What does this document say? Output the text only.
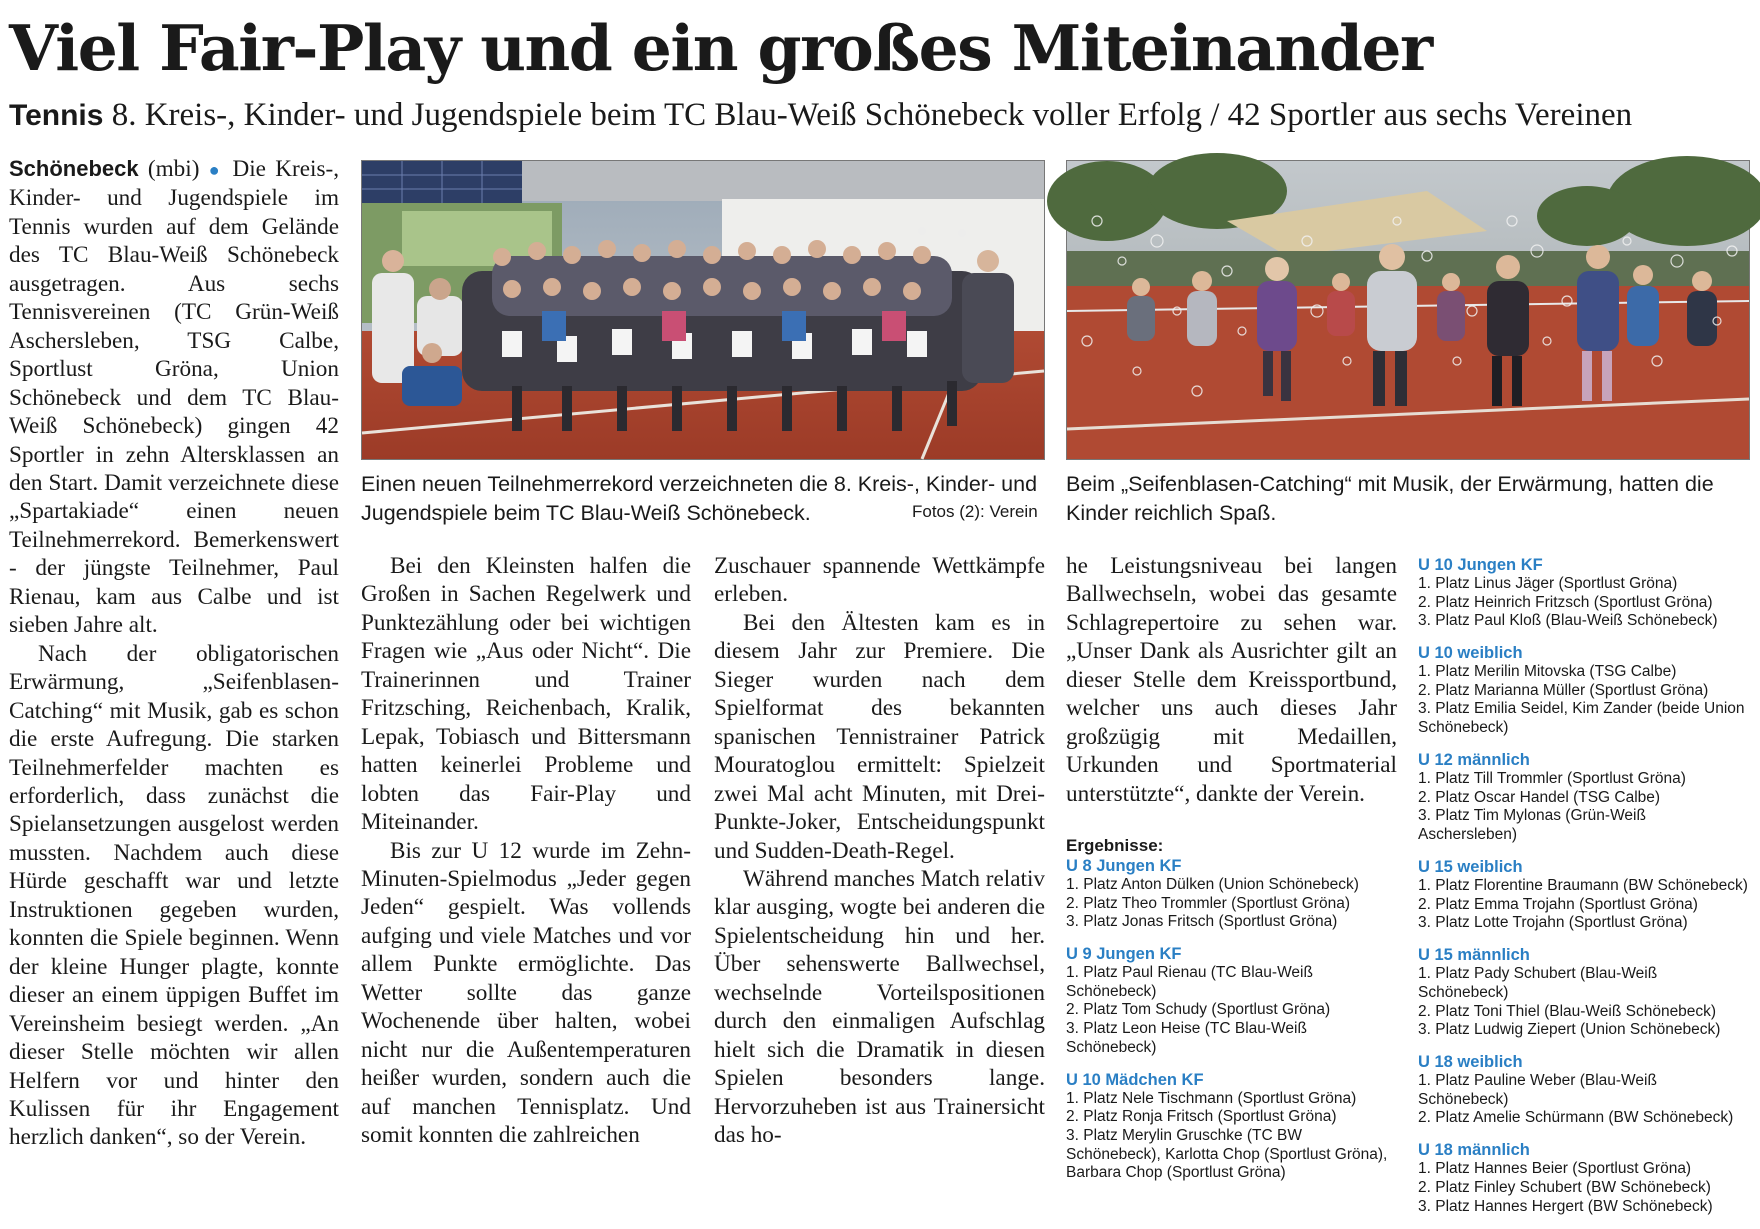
Viel Fair-Play und ein großes Miteinander
Tennis 8. Kreis-, Kinder- und Jugendspiele beim TC Blau-Weiß Schönebeck voller Erfolg / 42 Sportler aus sechs Vereinen

Schönebeck (mbi) ● Die Kreis-, Kinder- und Jugendspiele im Tennis wurden auf dem Gelände des TC Blau-Weiß Schönebeck ausgetragen. Aus sechs Tennisvereinen (TC Grün-Weiß Aschersleben, TSG Calbe, Sportlust Gröna, Union Schönebeck und dem TC Blau-Weiß Schönebeck) gingen 42 Sportler in zehn Altersklassen an den Start. Damit verzeichnete diese „Spartakiade“ einen neuen Teilnehmerrekord. Bemerkenswert - der jüngste Teilnehmer, Paul Rienau, kam aus Calbe und ist sieben Jahre alt.

Nach der obligatorischen Erwärmung, „Seifenblasen-Catching“ mit Musik, gab es schon die erste Aufregung. Die starken Teilnehmerfelder machten es erforderlich, dass zunächst die Spielansetzungen ausgelost werden mussten. Nachdem auch diese Hürde geschafft war und letzte Instruktionen gegeben wurden, konnten die Spiele beginnen. Wenn der kleine Hunger plagte, konnte dieser an einem üppigen Buffet im Vereinsheim besiegt werden. „An dieser Stelle möchten wir allen Helfern vor und hinter den Kulissen für ihr Engagement herzlich danken“, so der Verein.

Einen neuen Teilnehmerrekord verzeichneten die 8. Kreis-, Kinder- und Jugendspiele beim TC Blau-Weiß Schönebeck.	Fotos (2): Verein
Beim „Seifenblasen-Catching“ mit Musik, der Erwärmung, hatten die Kinder reichlich Spaß.

Bei den Kleinsten halfen die Großen in Sachen Regelwerk und Punktezählung oder bei wichtigen Fragen wie „Aus oder Nicht“. Die Trainerinnen und Trainer Fritzsching, Reichenbach, Kralik, Lepak, Tobiasch und Bittersmann hatten keinerlei Probleme und lobten das Fair-Play und Miteinander.

Bis zur U 12 wurde im Zehn-Minuten-Spielmodus „Jeder gegen Jeden“ gespielt. Was vollends aufging und viele Matches und vor allem Punkte ermöglichte. Das Wetter sollte das ganze Wochenende über halten, wobei nicht nur die Außentemperaturen heißer wurden, sondern auch die auf manchen Tennisplatz. Und somit konnten die zahlreichen

Zuschauer spannende Wettkämpfe erleben.

Bei den Ältesten kam es in diesem Jahr zur Premiere. Die Sieger wurden nach dem Spielformat des bekannten spanischen Tennistrainer Patrick Mouratoglou ermittelt: Spielzeit zwei Mal acht Minuten, mit Drei-Punkte-Joker, Entscheidungspunkt und Sudden-Death-Regel.

Während manches Match relativ klar ausging, wogte bei anderen die Spielentscheidung hin und her. Über sehenswerte Ballwechsel, wechselnde Vorteilspositionen durch den einmaligen Aufschlag hielt sich die Dramatik in diesen Spielen besonders lange. Hervorzuheben ist aus Trainersicht das ho-

he Leistungsniveau bei langen Ballwechseln, wobei das gesamte Schlagrepertoire zu sehen war. „Unser Dank als Ausrichter gilt an dieser Stelle dem Kreissportbund, welcher uns auch dieses Jahr großzügig mit Medaillen, Urkunden und Sportmaterial unterstützte“, dankte der Verein.

Ergebnisse:
U 8 Jungen KF
1. Platz Anton Dülken (Union Schönebeck)
2. Platz Theo Trommler (Sportlust Gröna)
3. Platz Jonas Fritsch (Sportlust Gröna)
U 9 Jungen KF
1. Platz Paul Rienau (TC Blau-Weiß Schönebeck)
2. Platz Tom Schudy (Sportlust Gröna)
3. Platz Leon Heise (TC Blau-Weiß Schönebeck)
U 10 Mädchen KF
1. Platz Nele Tischmann (Sportlust Gröna)
2. Platz Ronja Fritsch (Sportlust Gröna)
3. Platz Merylin Gruschke (TC BW Schönebeck), Karlotta Chop (Sportlust Gröna), Barbara Chop (Sportlust Gröna)
U 10 Jungen KF
1. Platz Linus Jäger (Sportlust Gröna)
2. Platz Heinrich Fritzsch (Sportlust Gröna)
3. Platz Paul Kloß (Blau-Weiß Schönebeck)
U 10 weiblich
1. Platz Merilin Mitovska (TSG Calbe)
2. Platz Marianna Müller (Sportlust Gröna)
3. Platz Emilia Seidel, Kim Zander (beide Union Schönebeck)
U 12 männlich
1. Platz Till Trommler (Sportlust Gröna)
2. Platz Oscar Handel (TSG Calbe)
3. Platz Tim Mylonas (Grün-Weiß Aschersleben)
U 15 weiblich
1. Platz Florentine Braumann (BW Schönebeck)
2. Platz Emma Trojahn (Sportlust Gröna)
3. Platz Lotte Trojahn (Sportlust Gröna)
U 15 männlich
1. Platz Pady Schubert (Blau-Weiß Schönebeck)
2. Platz Toni Thiel (Blau-Weiß Schönebeck)
3. Platz Ludwig Ziepert (Union Schönebeck)
U 18 weiblich
1. Platz Pauline Weber (Blau-Weiß Schönebeck)
2. Platz Amelie Schürmann (BW Schönebeck)
U 18 männlich
1. Platz Hannes Beier (Sportlust Gröna)
2. Platz Finley Schubert (BW Schönebeck)
3. Platz Hannes Hergert (BW Schönebeck)
